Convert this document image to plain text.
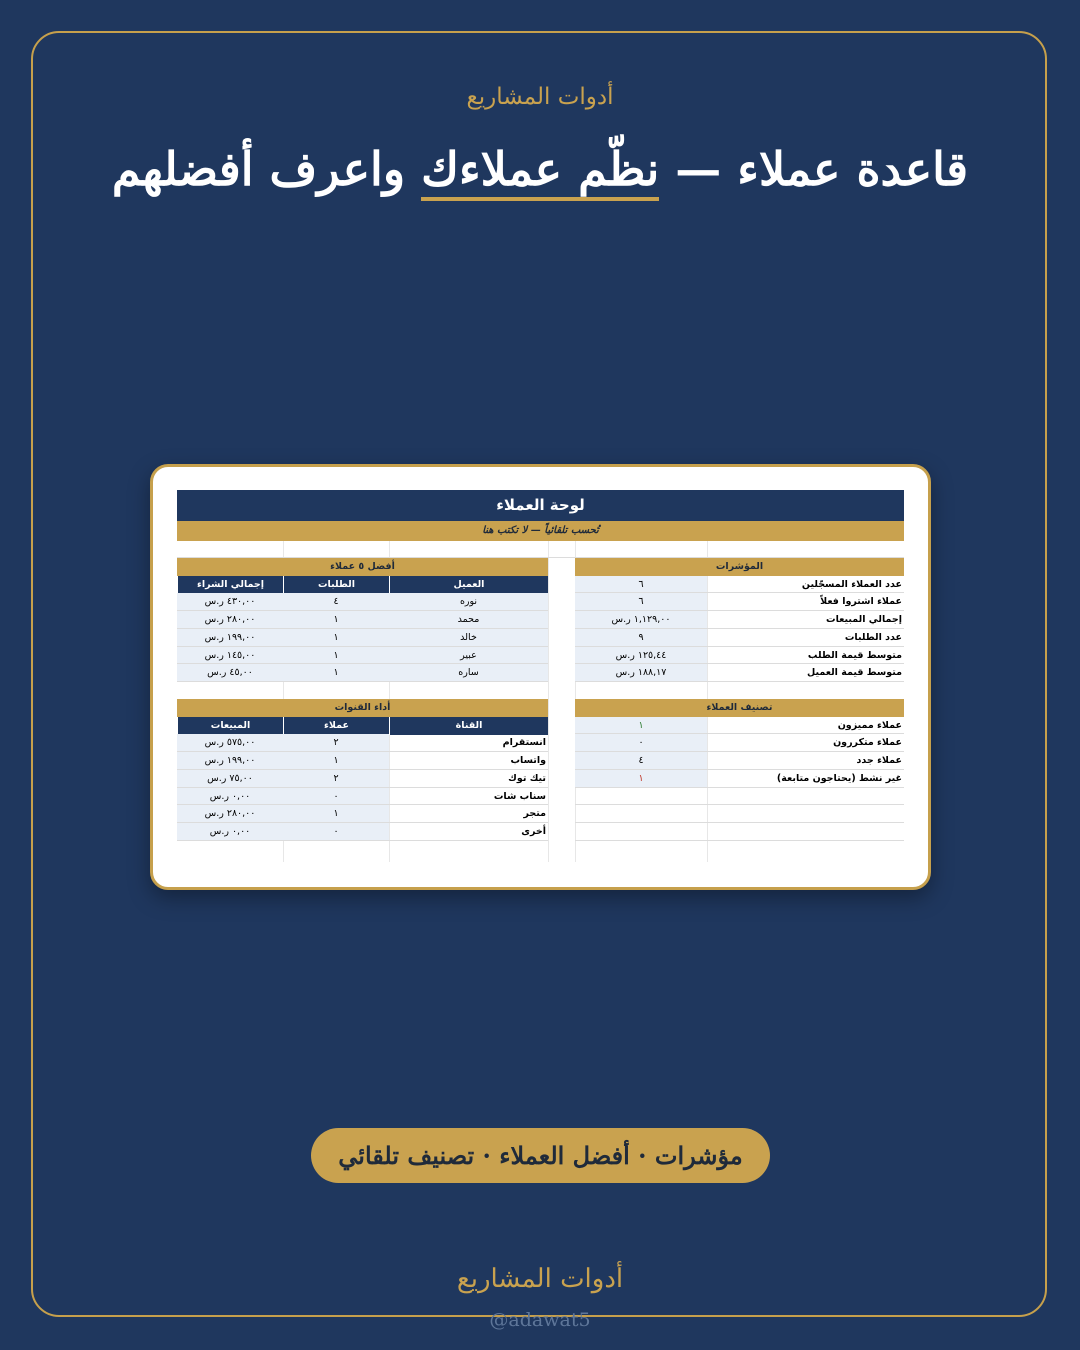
أدوات المشاريع
قاعدة عملاء — نظّم عملاءك واعرف أفضلهم
لوحة العملاء
تُحسب تلقائياً — لا تكتب هنا
المؤشرات
عدد العملاء المسجّلين
٦
عملاء اشتروا فعلاً
٦
إجمالي المبيعات
١,١٢٩,٠٠ ر.س
عدد الطلبات
٩
متوسط قيمة الطلب
١٢٥,٤٤ ر.س
متوسط قيمة العميل
١٨٨,١٧ ر.س
أفضل ٥ عملاء
العميل
الطلبات
إجمالي الشراء
نوره
٤
٤٣٠,٠٠ ر.س
محمد
١
٢٨٠,٠٠ ر.س
خالد
١
١٩٩,٠٠ ر.س
عبير
١
١٤٥,٠٠ ر.س
ساره
١
٤٥,٠٠ ر.س
تصنيف العملاء
عملاء مميزون
١
عملاء متكررون
٠
عملاء جدد
٤
غير نشط (يحتاجون متابعة)
١
أداء القنوات
القناة
عملاء
المبيعات
انستقرام
٢
٥٧٥,٠٠ ر.س
واتساب
١
١٩٩,٠٠ ر.س
تيك توك
٢
٧٥,٠٠ ر.س
سناب شات
٠
٠,٠٠ ر.س
متجر
١
٢٨٠,٠٠ ر.س
أخرى
٠
٠,٠٠ ر.س
مؤشرات · أفضل العملاء · تصنيف تلقائي
أدوات المشاريع
@adawat5
